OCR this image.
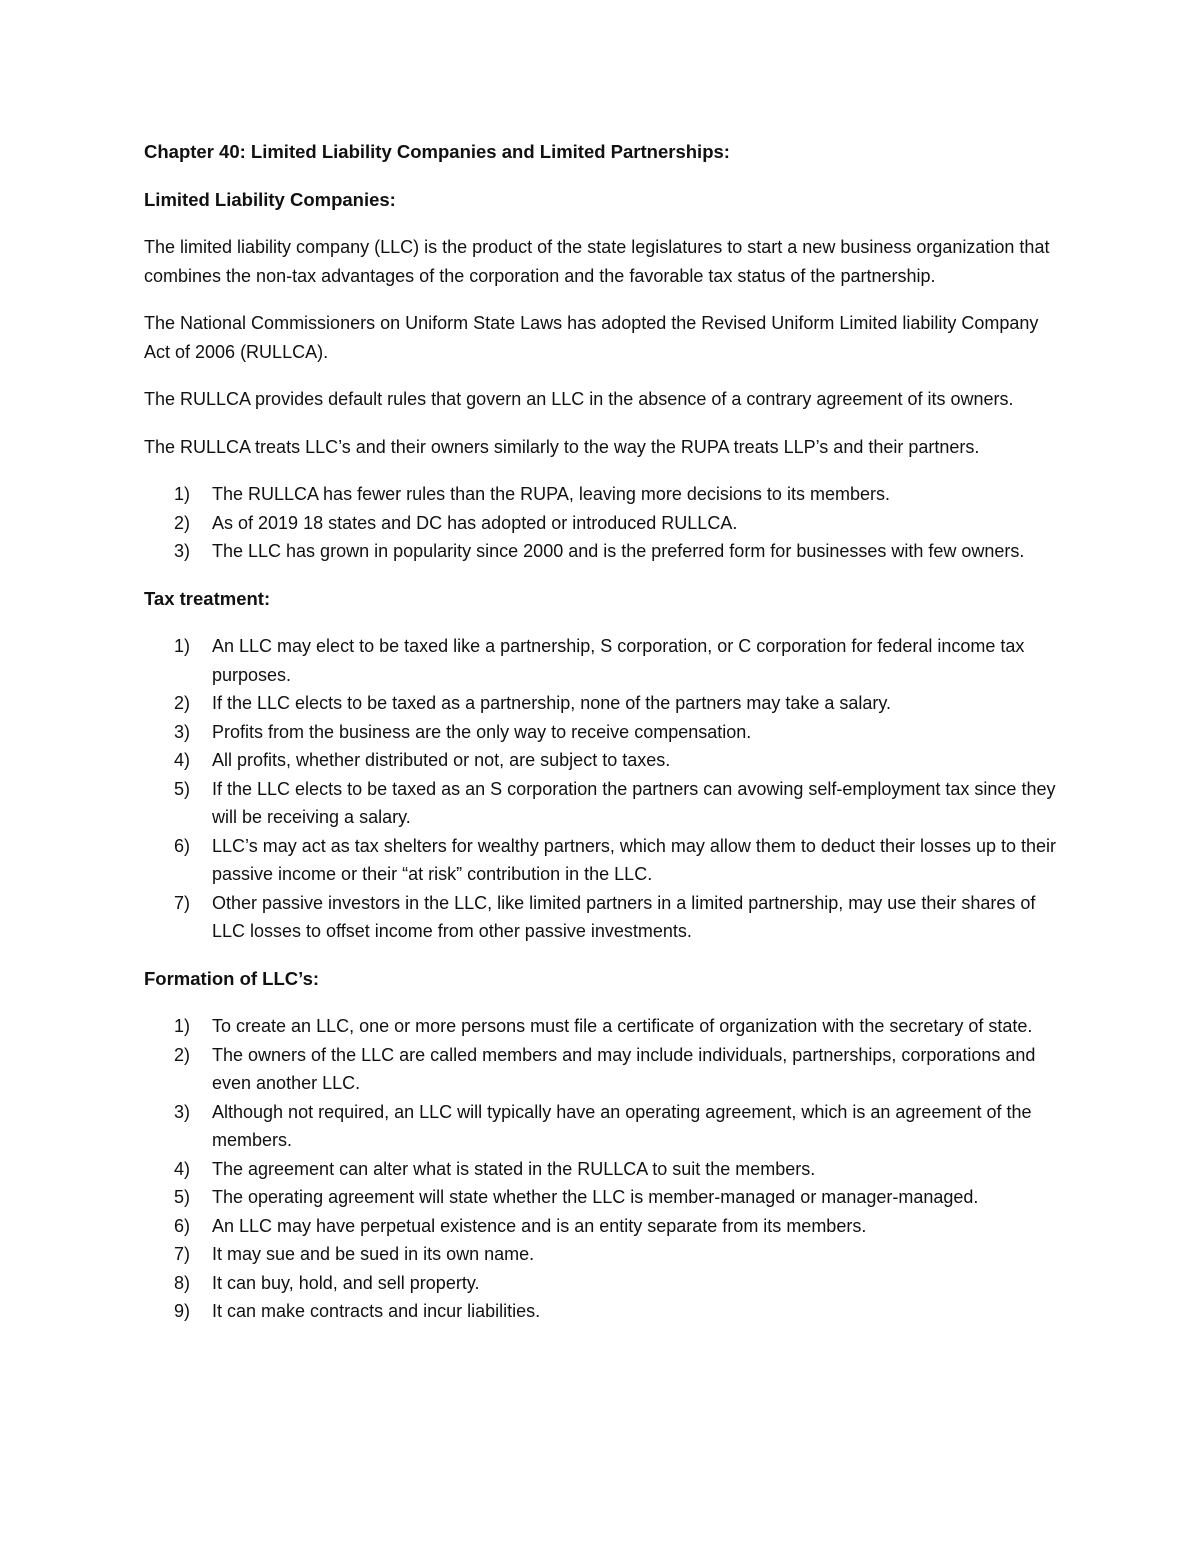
Chapter 40: Limited Liability Companies and Limited Partnerships:
Limited Liability Companies:

The limited liability company (LLC) is the product of the state legislatures to start a new business organization that combines the non-tax advantages of the corporation and the favorable tax status of the partnership.

The National Commissioners on Uniform State Laws has adopted the Revised Uniform Limited liability Company Act of 2006 (RULLCA).

The RULLCA provides default rules that govern an LLC in the absence of a contrary agreement of its owners.

The RULLCA treats LLC’s and their owners similarly to the way the RUPA treats LLP’s and their partners.

1) The RULLCA has fewer rules than the RUPA, leaving more decisions to its members.
2) As of 2019 18 states and DC has adopted or introduced RULLCA.
3) The LLC has grown in popularity since 2000 and is the preferred form for businesses with few owners.
Tax treatment:
1) An LLC may elect to be taxed like a partnership, S corporation, or C corporation for federal income tax purposes.
2) If the LLC elects to be taxed as a partnership, none of the partners may take a salary.
3) Profits from the business are the only way to receive compensation.
4) All profits, whether distributed or not, are subject to taxes.
5) If the LLC elects to be taxed as an S corporation the partners can avowing self-employment tax since they will be receiving a salary.
6) LLC’s may act as tax shelters for wealthy partners, which may allow them to deduct their losses up to their passive income or their “at risk” contribution in the LLC.
7) Other passive investors in the LLC, like limited partners in a limited partnership, may use their shares of LLC losses to offset income from other passive investments.
Formation of LLC’s:
1) To create an LLC, one or more persons must file a certificate of organization with the secretary of state.
2) The owners of the LLC are called members and may include individuals, partnerships, corporations and even another LLC.
3) Although not required, an LLC will typically have an operating agreement, which is an agreement of the members.
4) The agreement can alter what is stated in the RULLCA to suit the members.
5) The operating agreement will state whether the LLC is member-managed or manager-managed.
6) An LLC may have perpetual existence and is an entity separate from its members.
7) It may sue and be sued in its own name.
8) It can buy, hold, and sell property.
9) It can make contracts and incur liabilities.
